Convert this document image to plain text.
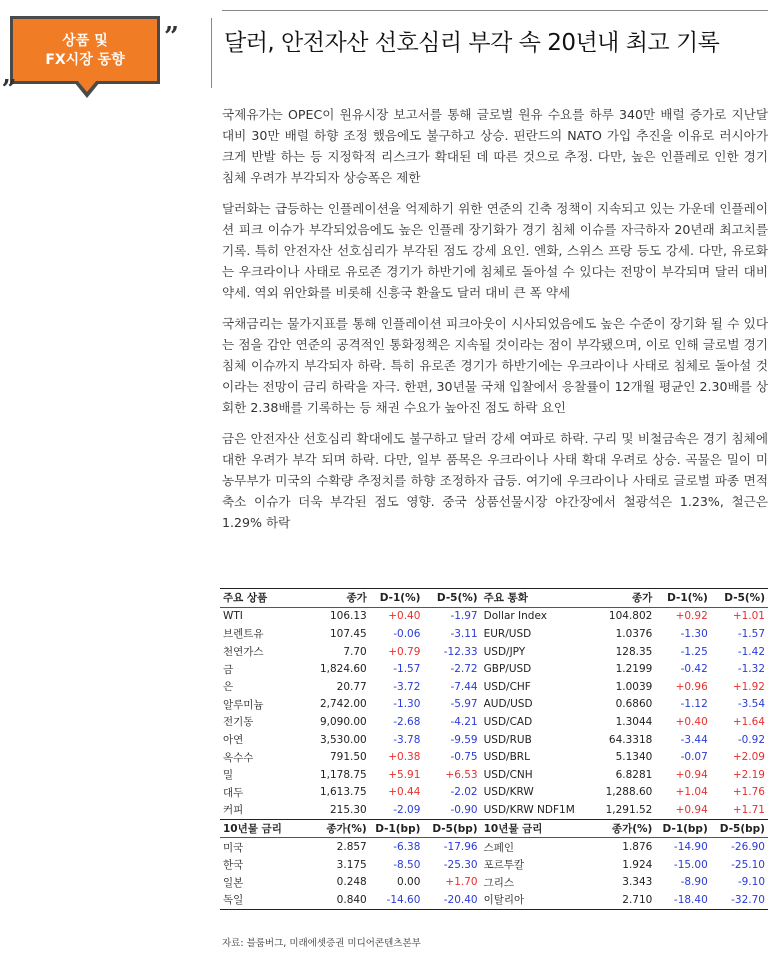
상품 및
FX시장 동향
”
„
달러, 안전자산 선호심리 부각 속 20년내 최고 기록

국제유가는 OPEC이 원유시장 보고서를 통해 글로벌 원유 수요를 하루 340만 배럴 증가로 지난달 대비 30만 배럴 하향 조정 했음에도 불구하고 상승. 핀란드의 NATO 가입 추진을 이유로 러시아가 크게 반발 하는 등 지정학적 리스크가 확대된 데 따른 것으로 추정. 다만, 높은 인플레로 인한 경기 침체 우려가 부각되자 상승폭은 제한

달러화는 급등하는 인플레이션을 억제하기 위한 연준의 긴축 정책이 지속되고 있는 가운데 인플레이션 피크 이슈가 부각되었음에도 높은 인플레 장기화가 경기 침체 이슈를 자극하자 20년래 최고치를 기록. 특히 안전자산 선호심리가 부각된 점도 강세 요인. 엔화, 스위스 프랑 등도 강세. 다만, 유로화는 우크라이나 사태로 유로존 경기가 하반기에 침체로 돌아설 수 있다는 전망이 부각되며 달러 대비 약세. 역외 위안화를 비롯해 신흥국 환율도 달러 대비 큰 폭 약세

국채금리는 물가지표를 통해 인플레이션 피크아웃이 시사되었음에도 높은 수준이 장기화 될 수 있다는 점을 감안 연준의 공격적인 통화정책은 지속될 것이라는 점이 부각됐으며, 이로 인해 글로벌 경기 침체 이슈까지 부각되자 하락. 특히 유로존 경기가 하반기에는 우크라이나 사태로 침체로 돌아설 것이라는 전망이 금리 하락을 자극. 한편, 30년물 국채 입찰에서 응찰률이 12개월 평균인 2.30배를 상회한 2.38배를 기록하는 등 채권 수요가 높아진 점도 하락 요인

금은 안전자산 선호심리 확대에도 불구하고 달러 강세 여파로 하락. 구리 및 비철금속은 경기 침체에 대한 우려가 부각 되며 하락. 다만, 일부 품목은 우크라이나 사태 확대 우려로 상승. 곡물은 밀이 미 농무부가 미국의 수확량 추정치를 하향 조정하자 급등. 여기에 우크라이나 사태로 글로벌 파종 면적 축소 이슈가 더욱 부각된 점도 영향. 중국 상품선물시장 야간장에서 철광석은 1.23%, 철근은 1.29% 하락

주요 상품	종가	D-1(%)	D-5(%)	주요 통화	종가	D-1(%)	D-5(%)
WTI	106.13	+0.40	-1.97	Dollar Index	104.802	+0.92	+1.01
브렌트유	107.45	-0.06	-3.11	EUR/USD	1.0376	-1.30	-1.57
천연가스	7.70	+0.79	-12.33	USD/JPY	128.35	-1.25	-1.42
금	1,824.60	-1.57	-2.72	GBP/USD	1.2199	-0.42	-1.32
은	20.77	-3.72	-7.44	USD/CHF	1.0039	+0.96	+1.92
알루미늄	2,742.00	-1.30	-5.97	AUD/USD	0.6860	-1.12	-3.54
전기동	9,090.00	-2.68	-4.21	USD/CAD	1.3044	+0.40	+1.64
아연	3,530.00	-3.78	-9.59	USD/RUB	64.3318	-3.44	-0.92
옥수수	791.50	+0.38	-0.75	USD/BRL	5.1340	-0.07	+2.09
밀	1,178.75	+5.91	+6.53	USD/CNH	6.8281	+0.94	+2.19
대두	1,613.75	+0.44	-2.02	USD/KRW	1,288.60	+1.04	+1.76
커피	215.30	-2.09	-0.90	USD/KRW NDF1M	1,291.52	+0.94	+1.71
10년물 금리	종가(%)	D-1(bp)	D-5(bp)	10년물 금리	종가(%)	D-1(bp)	D-5(bp)
미국	2.857	-6.38	-17.96	스페인	1.876	-14.90	-26.90
한국	3.175	-8.50	-25.30	포르투칼	1.924	-15.00	-25.10
일본	0.248	0.00	+1.70	그리스	3.343	-8.90	-9.10
독일	0.840	-14.60	-20.40	이탈리아	2.710	-18.40	-32.70
자료: 블룸버그, 미래에셋증권 미디어콘텐츠본부
